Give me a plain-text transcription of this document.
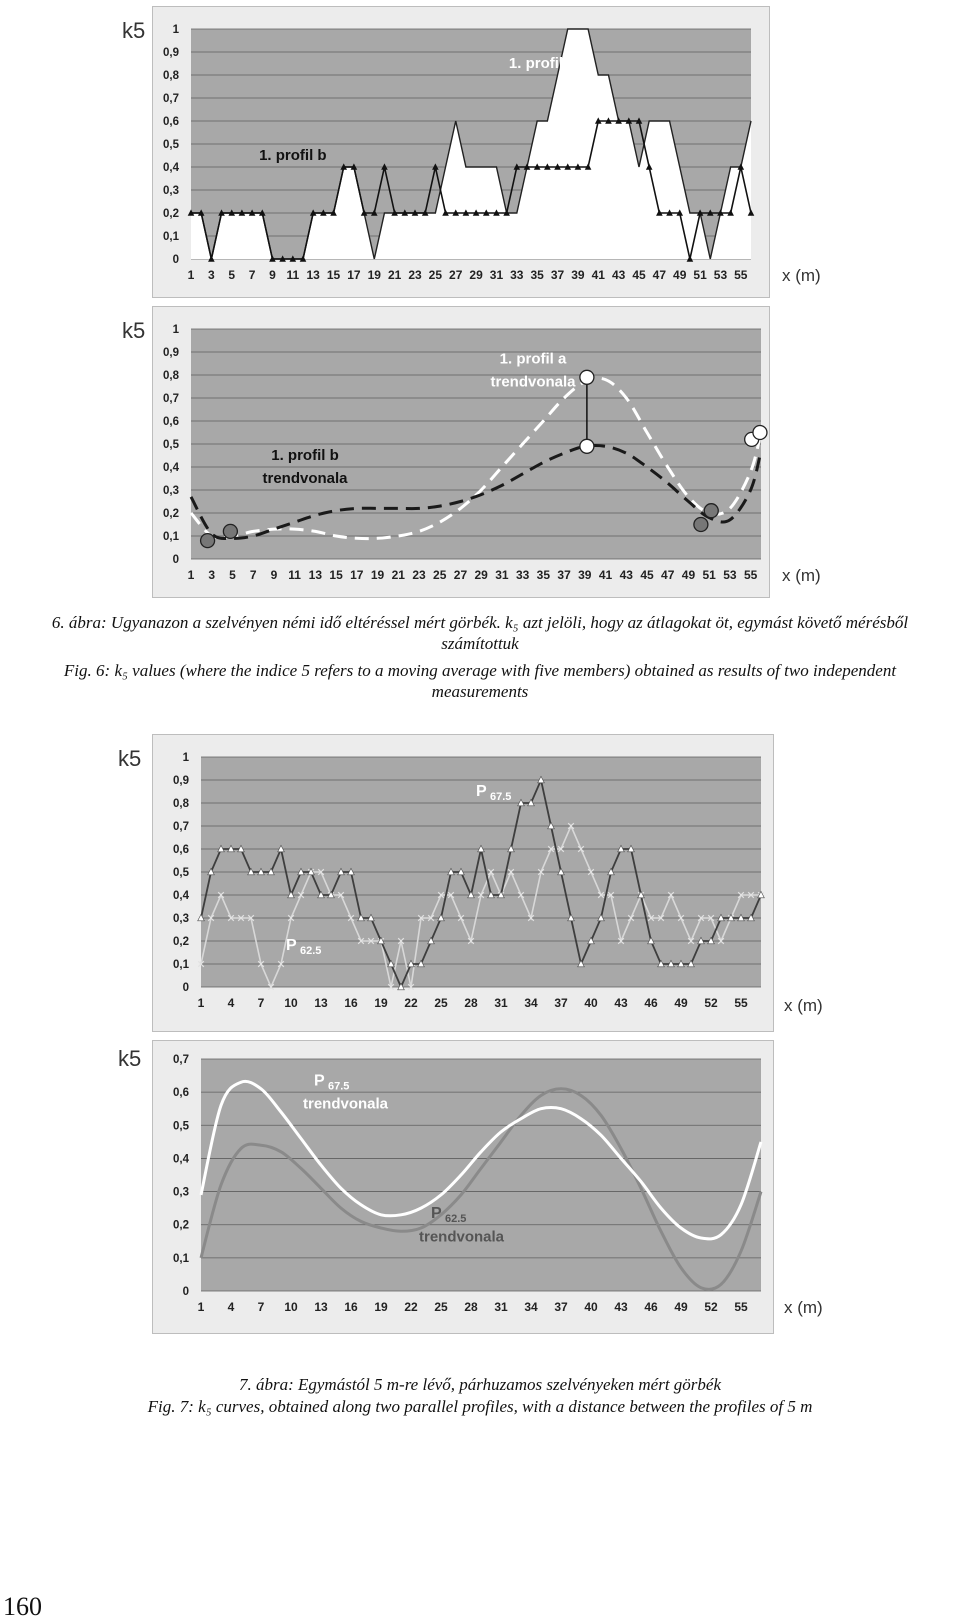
0
0,1
0,2
0,3
0,4
0,5
0,6
0,7
0,8
0,9
1
1 3 5 7 9 11 13 15 17 19 21 23 25 27 29 31 33 35 37 39 41 43 45 47 49 51 53 55
1. profil a
1. profil b
k5
x (m)
0
0,1
0,2
0,3
0,4
0,5
0,6
0,7
0,8
0,9
1
1 3 5 7 9 11 13 15 17 19 21 23 25 27 29 31 33 35 37 39 41 43 45 47 49 51 53 55
1. profil a
trendvonala
1. profil b
trendvonala
k5
x (m)
6. ábra: Ugyanazon a szelvényen némi idő eltéréssel mért görbék. k₅ azt jelöli, hogy az átlagokat öt, egymást követő mérésből számítottuk
Fig. 6: k₅ values (where the indice 5 refers to a moving average with five members) obtained as results of two independent measurements
0
0,1
0,2
0,3
0,4
0,5
0,6
0,7
0,8
0,9
1
1 4 7 10 13 16 19 22 25 28 31 34 37 40 43 46 49 52 55
P 67.5
P 62.5
k5
x (m)
0
0,1
0,2
0,3
0,4
0,5
0,6
0,7
1 4 7 10 13 16 19 22 25 28 31 34 37 40 43 46 49 52 55
P 67.5
trendvonala
P 62.5
trendvonala
k5
x (m)
7. ábra: Egymástól 5 m-re lévő, párhuzamos szelvényeken mért görbék
Fig. 7: k₅ curves, obtained along two parallel profiles, with a distance between the profiles of 5 m
160
